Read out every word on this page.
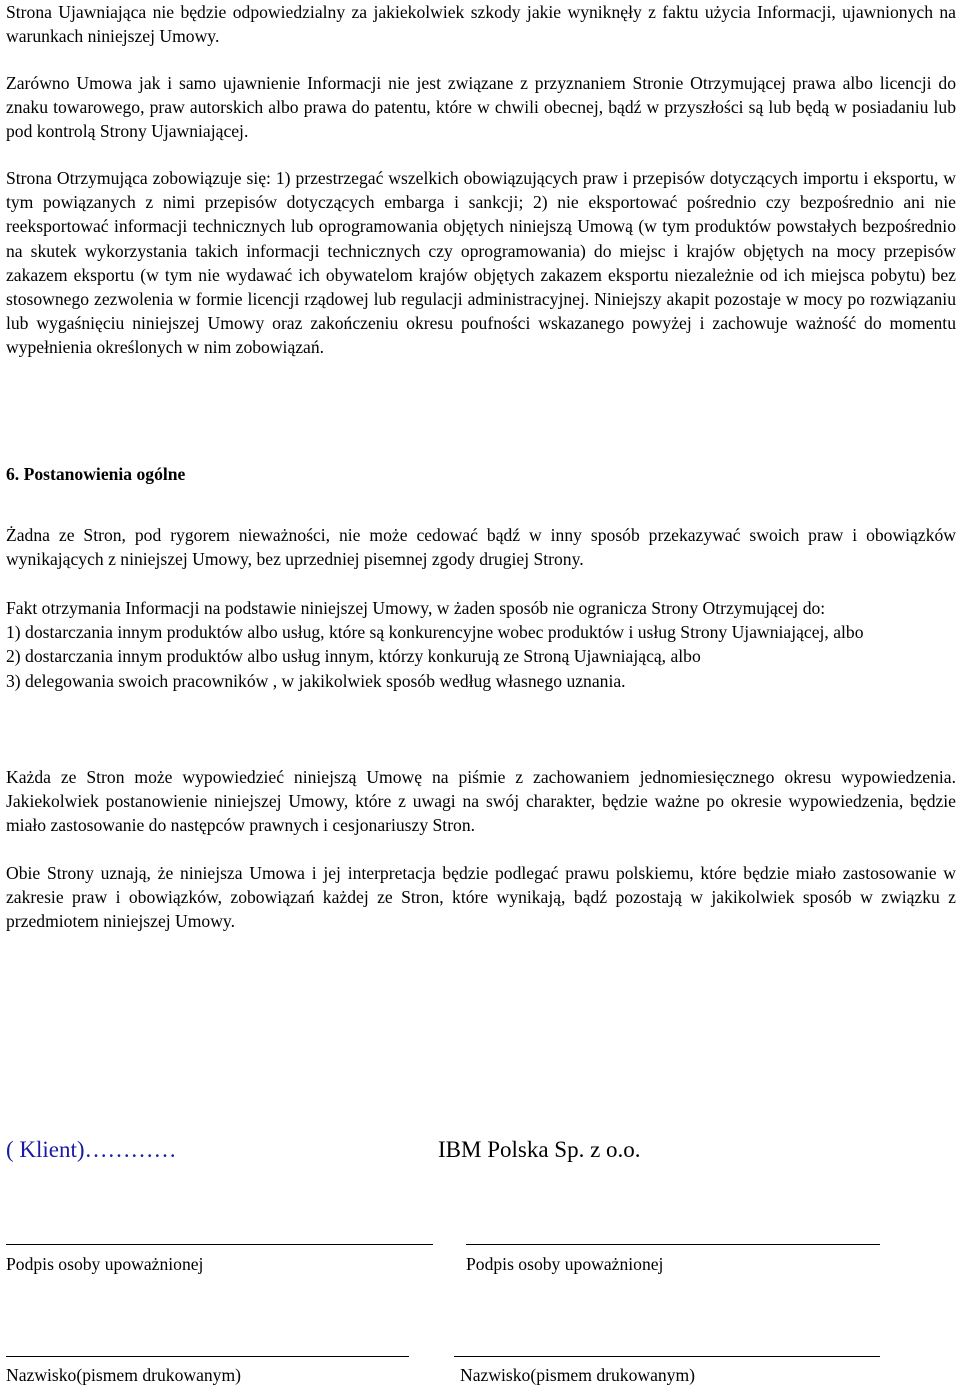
Strona Ujawniająca nie będzie odpowiedzialny za jakiekolwiek szkody jakie wyniknęły z faktu użycia Informacji, ujawnionych na warunkach niniejszej Umowy.

Zarówno Umowa jak i samo ujawnienie Informacji nie jest związane z przyznaniem Stronie Otrzymującej prawa albo licencji do znaku towarowego, praw autorskich albo prawa do patentu, które w chwili obecnej, bądź w przyszłości są lub będą w posiadaniu lub pod kontrolą Strony Ujawniającej.

Strona Otrzymująca zobowiązuje się: 1) przestrzegać wszelkich obowiązujących praw i przepisów dotyczących importu i eksportu, w tym powiązanych z nimi przepisów dotyczących embarga i sankcji; 2) nie eksportować pośrednio czy bezpośrednio ani nie reeksportować informacji technicznych lub oprogramowania objętych niniejszą Umową (w tym produktów powstałych bezpośrednio na skutek wykorzystania takich informacji technicznych czy oprogramowania) do miejsc i krajów objętych na mocy przepisów zakazem eksportu (w tym nie wydawać ich obywatelom krajów objętych zakazem eksportu niezależnie od ich miejsca pobytu) bez stosownego zezwolenia w formie licencji rządowej lub regulacji administracyjnej. Niniejszy akapit pozostaje w mocy po rozwiązaniu lub wygaśnięciu niniejszej Umowy oraz zakończeniu okresu poufności wskazanego powyżej i zachowuje ważność do momentu wypełnienia określonych w nim zobowiązań.

6. Postanowienia ogólne

Żadna ze Stron, pod rygorem nieważności, nie może cedować bądź w inny sposób przekazywać swoich praw i obowiązków wynikających z niniejszej Umowy, bez uprzedniej pisemnej zgody drugiej Strony.

Fakt otrzymania Informacji na podstawie niniejszej Umowy, w żaden sposób nie ogranicza Strony Otrzymującej do:

1) dostarczania innym produktów albo usług, które są konkurencyjne wobec produktów i usług Strony Ujawniającej, albo

2) dostarczania innym produktów albo usług innym, którzy konkurują ze Stroną Ujawniającą, albo

3) delegowania swoich pracowników , w jakikolwiek sposób według własnego uznania.

Każda ze Stron może wypowiedzieć niniejszą Umowę na piśmie z zachowaniem jednomiesięcznego okresu wypowiedzenia. Jakiekolwiek postanowienie niniejszej Umowy, które z uwagi na swój charakter, będzie ważne po okresie wypowiedzenia, będzie miało zastosowanie do następców prawnych i cesjonariuszy Stron.

Obie Strony uznają, że niniejsza Umowa i jej interpretacja będzie podlegać prawu polskiemu, które będzie miało zastosowanie w zakresie praw i obowiązków, zobowiązań każdej ze Stron, które wynikają, bądź pozostają w jakikolwiek sposób w związku z przedmiotem niniejszej Umowy.

( Klient)…………	IBM Polska Sp. z o.o.
Podpis osoby upoważnionej	Podpis osoby upoważnionej
Nazwisko(pismem drukowanym)	Nazwisko(pismem drukowanym)
